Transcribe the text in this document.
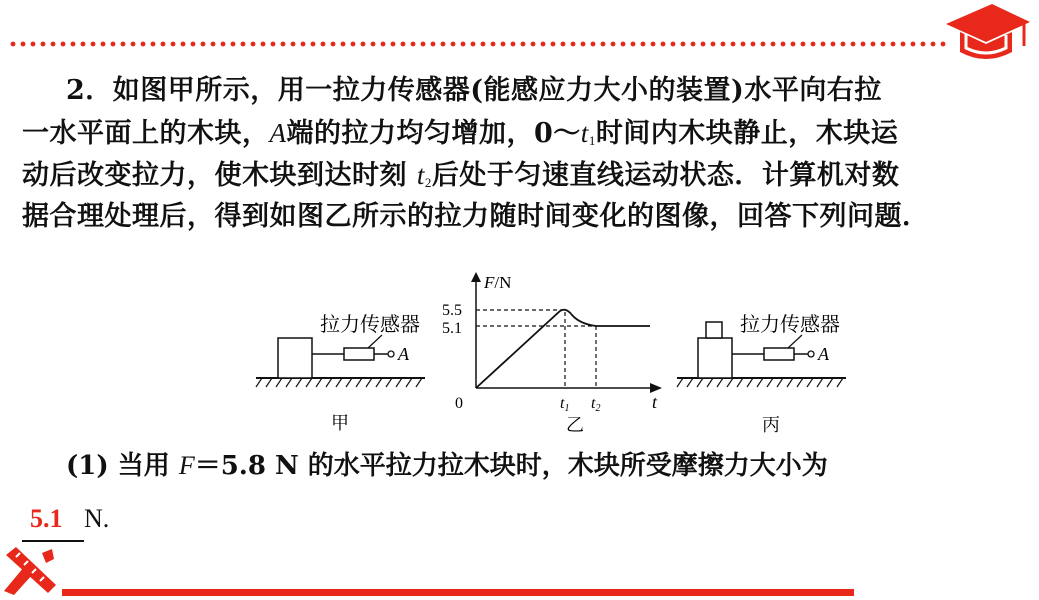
2．如图甲所示，用一拉力传感器(能感应力大小的装置)水平向右拉
一水平面上的木块，A端的拉力均匀增加，$0\sim t_1$时间内木块静止，木块运
动后改变拉力，使木块到达时刻 $t_2$后处于匀速直线运动状态．计算机对数
据合理处理后，得到如图乙所示的拉力随时间变化的图像，回答下列问题．
A
拉力传感器
甲
F/N
t
0
5.5
5.1
t1 t2
乙
A
拉力传感器
丙
(1) 当用 F＝5.8 N 的水平拉力拉木块时，木块所受摩擦力大小为
5.1 N.
